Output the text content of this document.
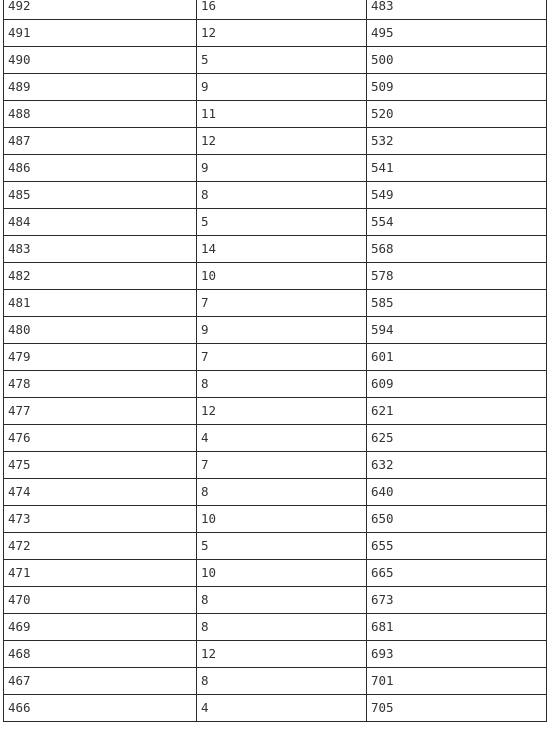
492	16	483
491	12	495
490	5	500
489	9	509
488	11	520
487	12	532
486	9	541
485	8	549
484	5	554
483	14	568
482	10	578
481	7	585
480	9	594
479	7	601
478	8	609
477	12	621
476	4	625
475	7	632
474	8	640
473	10	650
472	5	655
471	10	665
470	8	673
469	8	681
468	12	693
467	8	701
466	4	705
